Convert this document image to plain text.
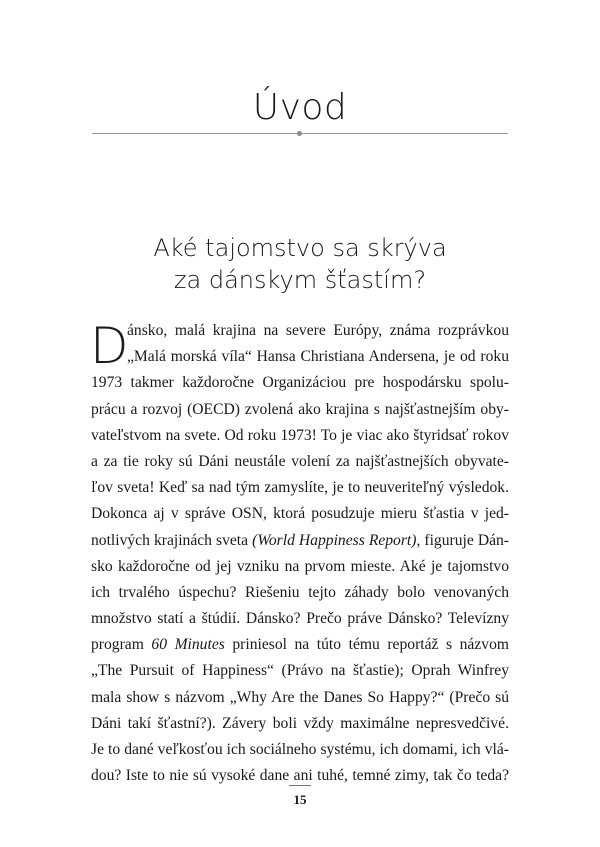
Úvod
Aké tajomstvo sa skrýva
za dánskym šťastím?
D
ánsko, malá krajina na severe Európy, známa rozprávkou
„Malá morská víla“ Hansa Christiana Andersena, je od roku
1973 takmer každoročne Organizáciou pre hospodársku spolu-
prácu a rozvoj (OECD) zvolená ako krajina s najšťastnejším oby-
vateľstvom na svete. Od roku 1973! To je viac ako štyridsať rokov
a za tie roky sú Dáni neustále volení za najšťastnejších obyvate-
ľov sveta! Keď sa nad tým zamyslíte, je to neuveriteľný výsledok.
Dokonca aj v správe OSN, ktorá posudzuje mieru šťastia v jed-
notlivých krajinách sveta (World Happiness Report), figuruje Dán-
sko každoročne od jej vzniku na prvom mieste. Aké je tajomstvo
ich trvalého úspechu? Riešeniu tejto záhady bolo venovaných
množstvo statí a štúdií. Dánsko? Prečo práve Dánsko? Televízny
program 60 Minutes priniesol na túto tému reportáž s názvom
„The Pursuit of Happiness“ (Právo na šťastie); Oprah Winfrey
mala show s názvom „Why Are the Danes So Happy?“ (Prečo sú
Dáni takí šťastní?). Závery boli vždy maximálne nepresvedčivé.
Je to dané veľkosťou ich sociálneho systému, ich domami, ich vlá-
dou? Iste to nie sú vysoké dane ani tuhé, temné zimy, tak čo teda?
15
